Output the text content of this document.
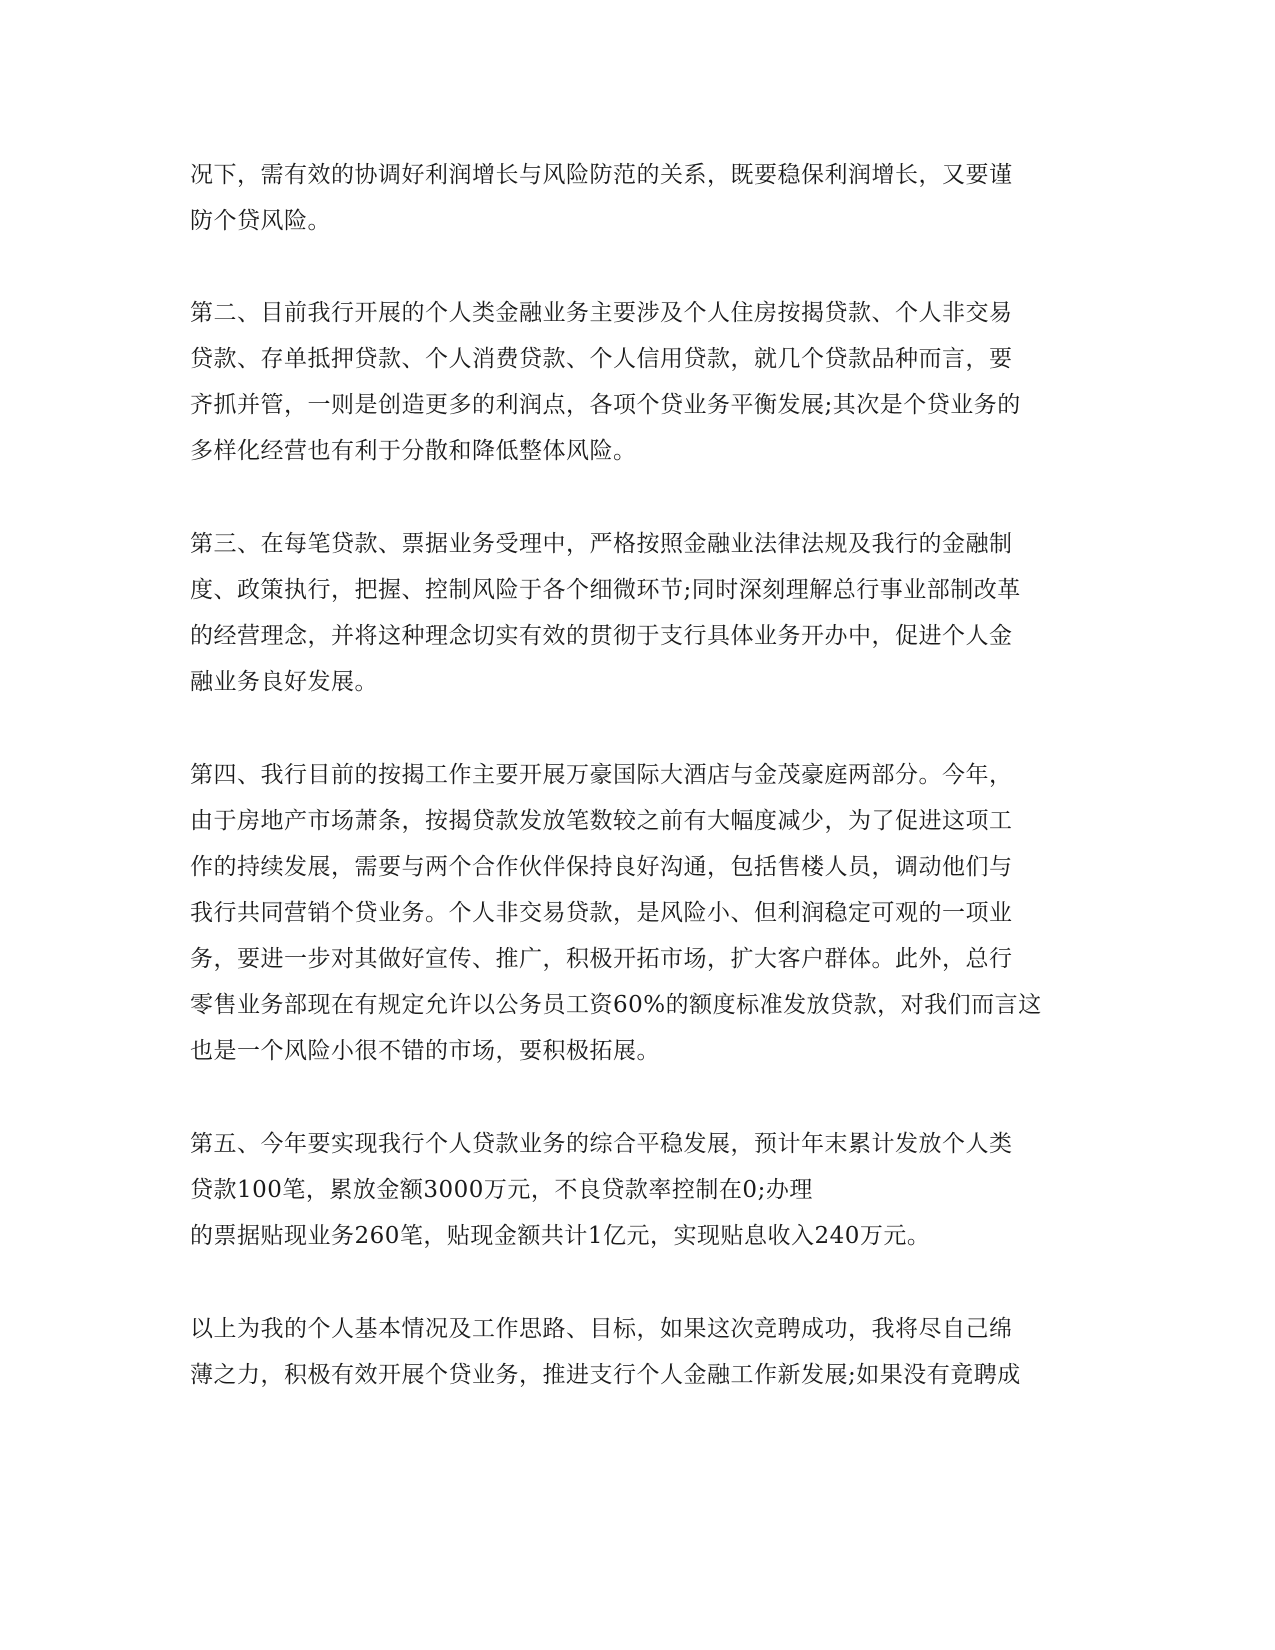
况下，需有效的协调好利润增长与风险防范的关系，既要稳保利润增长，又要谨

防个贷风险。

第二、目前我行开展的个人类金融业务主要涉及个人住房按揭贷款、个人非交易

贷款、存单抵押贷款、个人消费贷款、个人信用贷款，就几个贷款品种而言，要

齐抓并管，一则是创造更多的利润点，各项个贷业务平衡发展;其次是个贷业务的

多样化经营也有利于分散和降低整体风险。

第三、在每笔贷款、票据业务受理中，严格按照金融业法律法规及我行的金融制

度、政策执行，把握、控制风险于各个细微环节;同时深刻理解总行事业部制改革

的经营理念，并将这种理念切实有效的贯彻于支行具体业务开办中，促进个人金

融业务良好发展。

第四、我行目前的按揭工作主要开展万豪国际大酒店与金茂豪庭两部分。今年，

由于房地产市场萧条，按揭贷款发放笔数较之前有大幅度减少，为了促进这项工

作的持续发展，需要与两个合作伙伴保持良好沟通，包括售楼人员，调动他们与

我行共同营销个贷业务。个人非交易贷款，是风险小、但利润稳定可观的一项业

务，要进一步对其做好宣传、推广，积极开拓市场，扩大客户群体。此外，总行

零售业务部现在有规定允许以公务员工资60%的额度标准发放贷款，对我们而言这

也是一个风险小很不错的市场，要积极拓展。

第五、今年要实现我行个人贷款业务的综合平稳发展，预计年末累计发放个人类

贷款100笔，累放金额3000万元，不良贷款率控制在0;办理

的票据贴现业务260笔，贴现金额共计1亿元，实现贴息收入240万元。

以上为我的个人基本情况及工作思路、目标，如果这次竞聘成功，我将尽自己绵

薄之力，积极有效开展个贷业务，推进支行个人金融工作新发展;如果没有竟聘成
